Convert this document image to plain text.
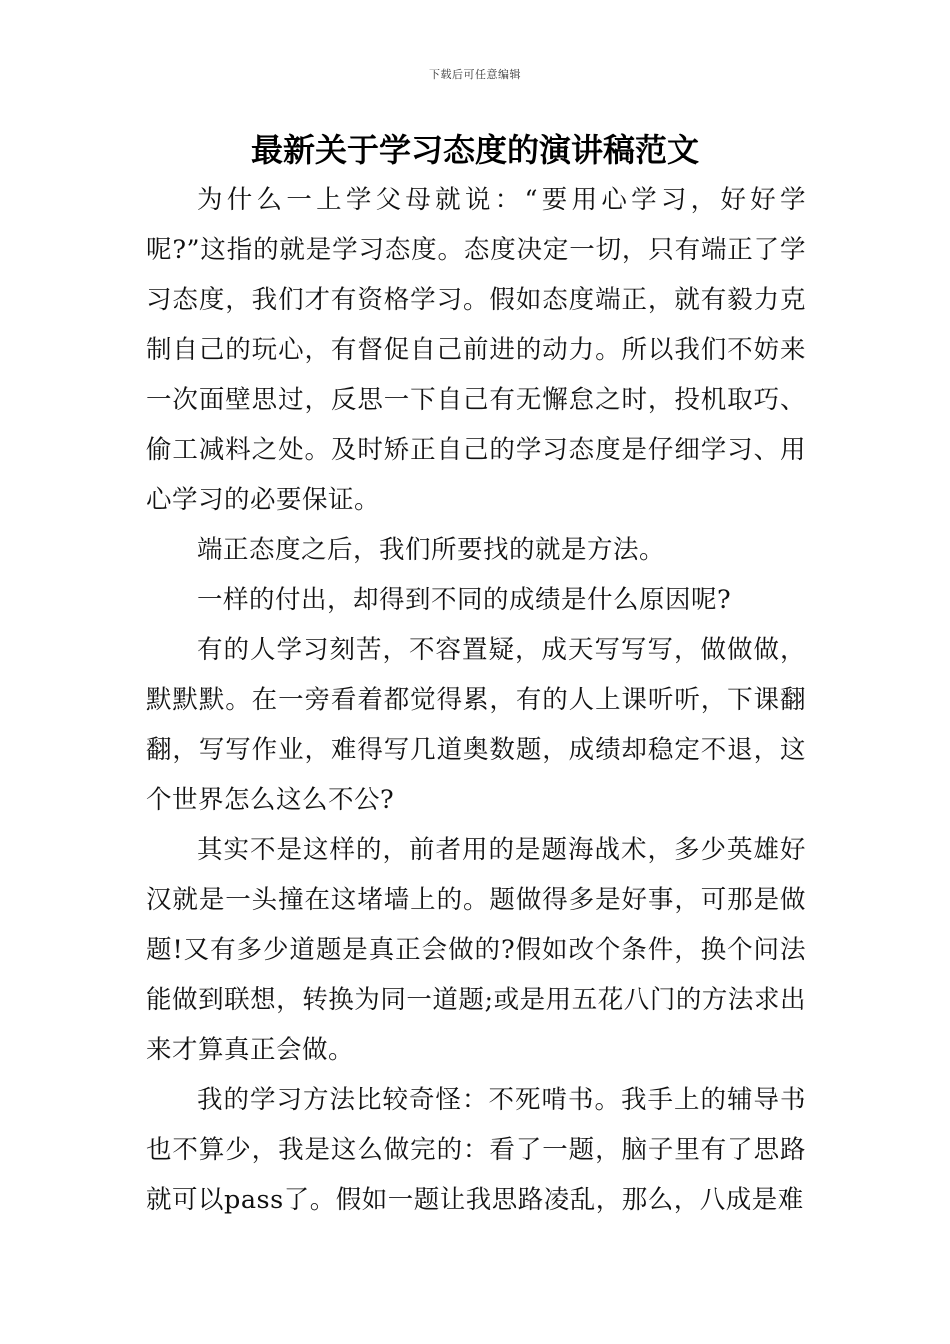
下载后可任意编辑
最新关于学习态度的演讲稿范文

为什么一上学父母就说：“要用心学习，好好学呢?”这指的就是学习态度。态度决定一切，只有端正了学习态度，我们才有资格学习。假如态度端正，就有毅力克制自己的玩心，有督促自己前进的动力。所以我们不妨来一次面壁思过，反思一下自己有无懈怠之时，投机取巧、偷工减料之处。及时矫正自己的学习态度是仔细学习、用心学习的必要保证。

端正态度之后，我们所要找的就是方法。

一样的付出，却得到不同的成绩是什么原因呢?

有的人学习刻苦，不容置疑，成天写写写，做做做，默默默。在一旁看着都觉得累，有的人上课听听，下课翻翻，写写作业，难得写几道奥数题，成绩却稳定不退，这个世界怎么这么不公?

其实不是这样的，前者用的是题海战术，多少英雄好汉就是一头撞在这堵墙上的。题做得多是好事，可那是做题!又有多少道题是真正会做的?假如改个条件，换个问法能做到联想，转换为同一道题;或是用五花八门的方法求出来才算真正会做。

我的学习方法比较奇怪：不死啃书。我手上的辅导书也不算少，我是这么做完的：看了一题，脑子里有了思路就可以pass了。假如一题让我思路凌乱，那么，八成是难
